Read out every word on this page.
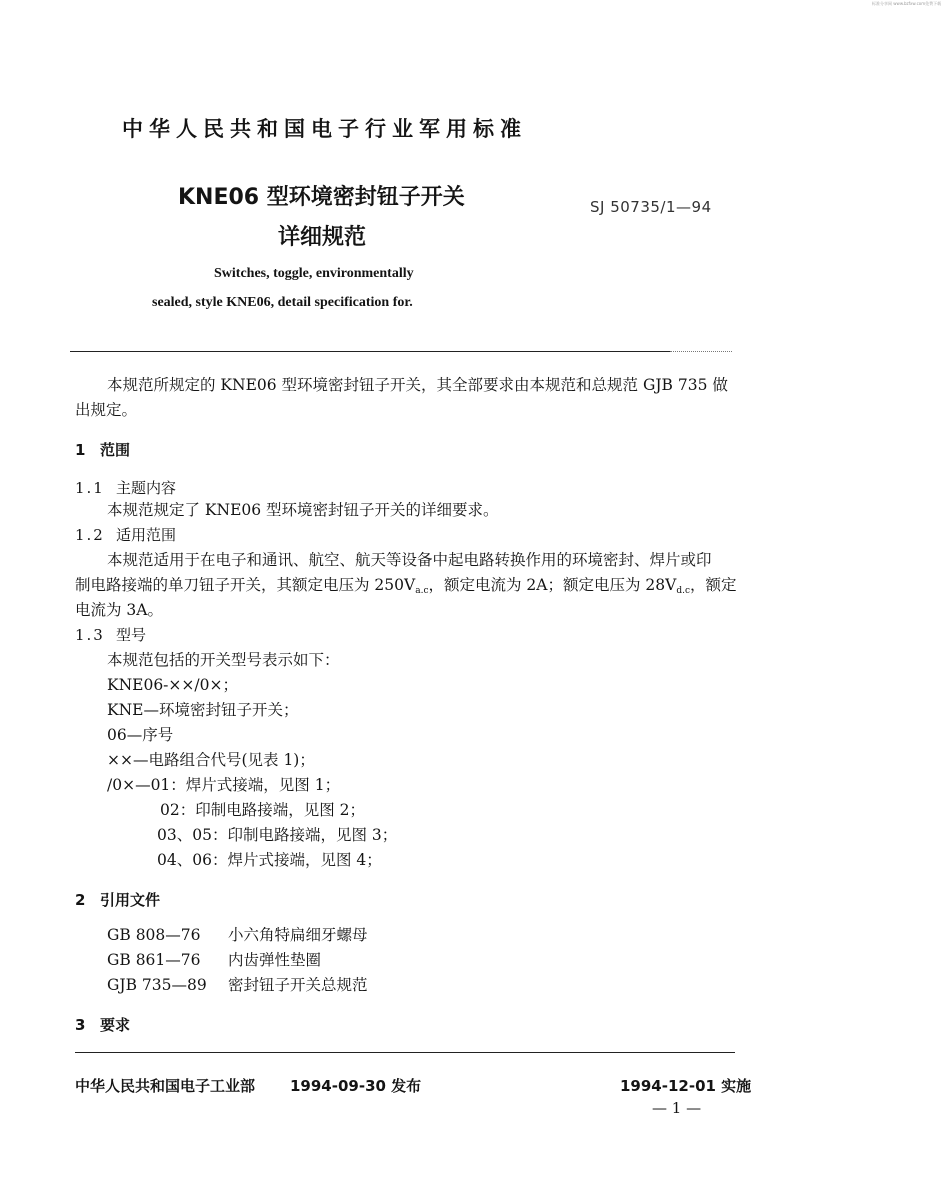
标准分享网 www.bzfxw.com免费下载
中华人民共和国电子行业军用标准
KNE06 型环境密封钮子开关
详细规范
SJ 50735/1—94
Switches, toggle, environmentally
sealed, style KNE06, detail specification for.
本规范所规定的 KNE06 型环境密封钮子开关，其全部要求由本规范和总规范 GJB 735 做
出规定。
1 范围
1.1 主题内容
本规范规定了 KNE06 型环境密封钮子开关的详细要求。
1.2 适用范围
本规范适用于在电子和通讯、航空、航天等设备中起电路转换作用的环境密封、焊片或印
制电路接端的单刀钮子开关，其额定电压为 $250V_{a.c}$，额定电流为 2A；额定电压为 $28V_{d.c}$，额定
电流为 3A。
1.3 型号
本规范包括的开关型号表示如下：
KNE06-××/0×；
KNE—环境密封钮子开关；
06—序号
××—电路组合代号(见表 1)；
/0×—01：焊片式接端，见图 1；
02：印制电路接端，见图 2；
03、05：印制电路接端，见图 3；
04、06：焊片式接端，见图 4；
2 引用文件
GB 808—76 小六角特扁细牙螺母
GB 861—76 内齿弹性垫圈
GJB 735—89 密封钮子开关总规范
3 要求
中华人民共和国电子工业部 1994-09-30 发布	1994-12-01 实施
— 1 —
